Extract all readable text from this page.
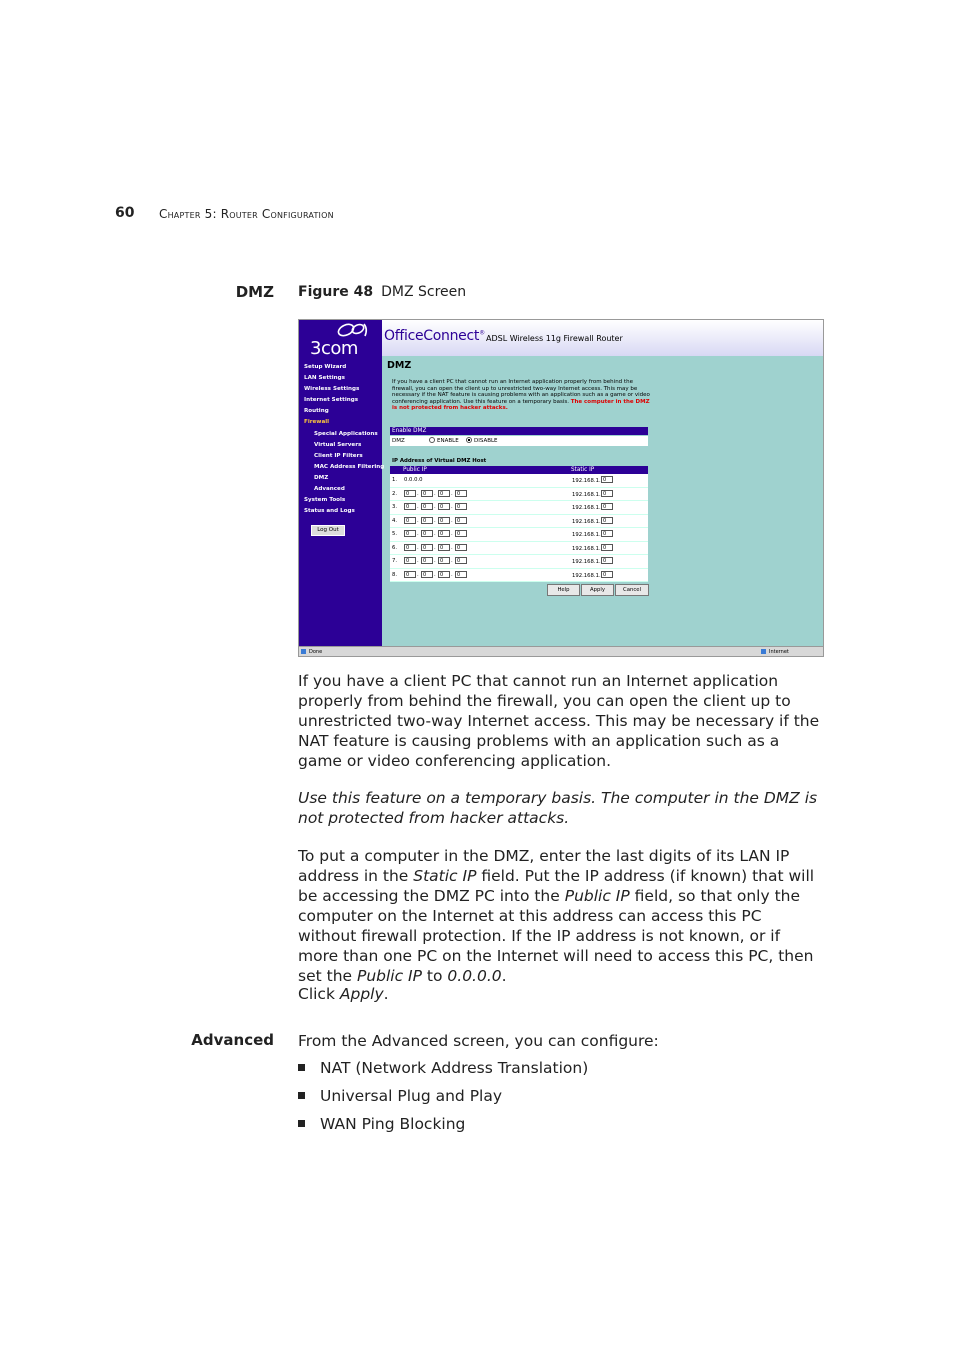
60 Chapter 5: Router Configuration
DMZ Figure 48 DMZ Screen
3com
Setup Wizard
LAN Settings
Wireless Settings
Internet Settings
Routing
Firewall
Special Applications
Virtual Servers
Client IP Filters
MAC Address Filtering
DMZ
Advanced
System Tools
Status and Logs
Log Out
OfficeConnect®
ADSL Wireless 11g Firewall Router
DMZ
If you have a client PC that cannot run an Internet application properly from behind the firewall, you can open the client up to unrestricted two-way Internet access. This may be necessary if the NAT feature is causing problems with an application such as a game or video conferencing application. Use this feature on a temporary basis. The computer in the DMZ is not protected from hacker attacks.
Enable DMZ
DMZ	ENABLE	DISABLE
IP Address of Virtual DMZ Host
Public IP	Static IP
1. 0.0.0.0	192.168.1. 0
2.	0	. 0	. 0	. 0	192.168.1. 0
3.	0	. 0	. 0	. 0	192.168.1. 0
4.	0	. 0	. 0	. 0	192.168.1. 0
5.	0	. 0	. 0	. 0	192.168.1. 0
6.	0	. 0	. 0	. 0	192.168.1. 0
7.	0	. 0	. 0	. 0	192.168.1. 0
8.	0	. 0	. 0	. 0	192.168.1. 0
Help	Apply	Cancel
Done	Internet
If you have a client PC that cannot run an Internet application properly from behind the firewall, you can open the client up to unrestricted two-way Internet access. This may be necessary if the NAT feature is causing problems with an application such as a game or video conferencing application.
Use this feature on a temporary basis. The computer in the DMZ is not protected from hacker attacks.
To put a computer in the DMZ, enter the last digits of its LAN IP address in the Static IP field. Put the IP address (if known) that will be accessing the DMZ PC into the Public IP field, so that only the computer on the Internet at this address can access this PC without firewall protection. If the IP address is not known, or if more than one PC on the Internet will need to access this PC, then set the Public IP to 0.0.0.0.
Click Apply.
Advanced From the Advanced screen, you can configure:
NAT (Network Address Translation)
Universal Plug and Play
WAN Ping Blocking
